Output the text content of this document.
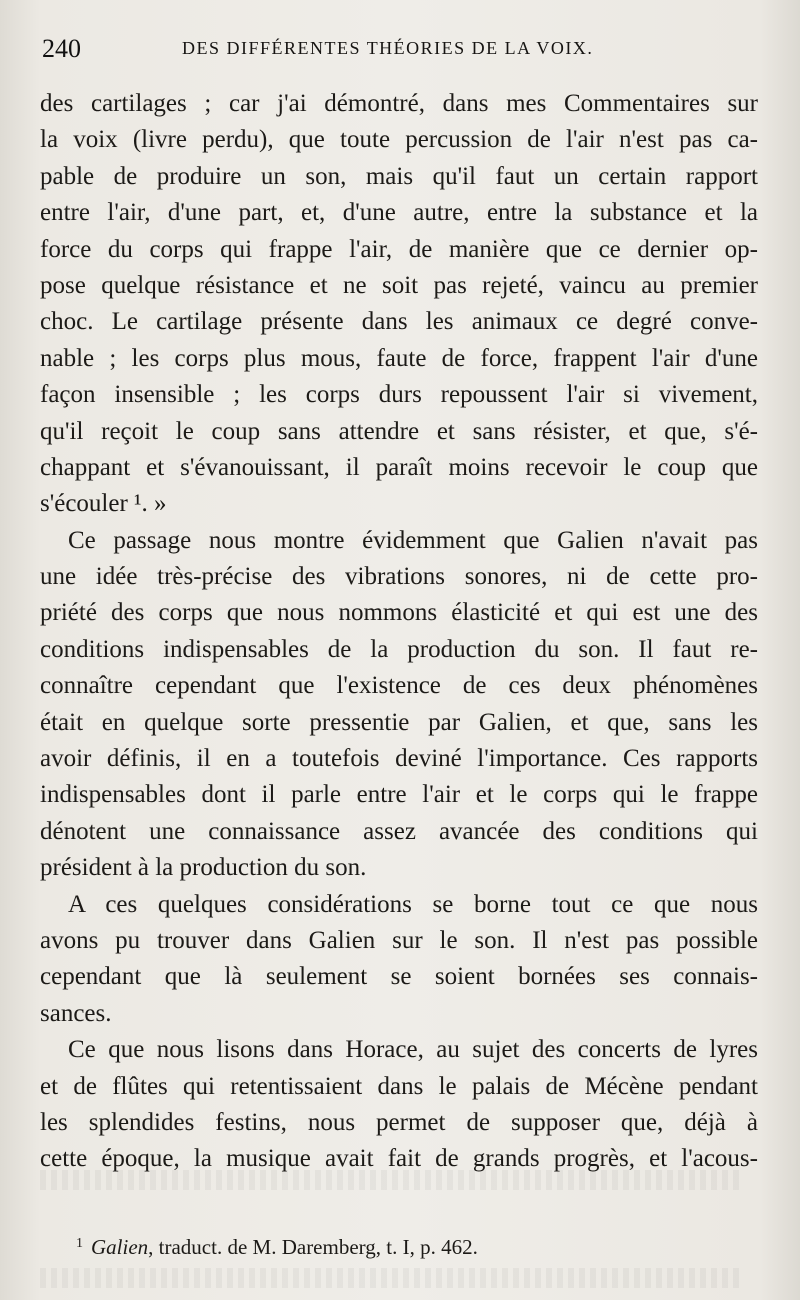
240	DES DIFFÉRENTES THÉORIES DE LA VOIX.
des cartilages ; car j'ai démontré, dans mes Commentaires sur
la voix (livre perdu), que toute percussion de l'air n'est pas ca-
pable de produire un son, mais qu'il faut un certain rapport
entre l'air, d'une part, et, d'une autre, entre la substance et la
force du corps qui frappe l'air, de manière que ce dernier op-
pose quelque résistance et ne soit pas rejeté, vaincu au premier
choc. Le cartilage présente dans les animaux ce degré conve-
nable ; les corps plus mous, faute de force, frappent l'air d'une
façon insensible ; les corps durs repoussent l'air si vivement,
qu'il reçoit le coup sans attendre et sans résister, et que, s'é-
chappant et s'évanouissant, il paraît moins recevoir le coup que
s'écouler ¹. »
Ce passage nous montre évidemment que Galien n'avait pas
une idée très-précise des vibrations sonores, ni de cette pro-
priété des corps que nous nommons élasticité et qui est une des
conditions indispensables de la production du son. Il faut re-
connaître cependant que l'existence de ces deux phénomènes
était en quelque sorte pressentie par Galien, et que, sans les
avoir définis, il en a toutefois deviné l'importance. Ces rapports
indispensables dont il parle entre l'air et le corps qui le frappe
dénotent une connaissance assez avancée des conditions qui
président à la production du son.
A ces quelques considérations se borne tout ce que nous
avons pu trouver dans Galien sur le son. Il n'est pas possible
cependant que là seulement se soient bornées ses connais-
sances.
Ce que nous lisons dans Horace, au sujet des concerts de lyres
et de flûtes qui retentissaient dans le palais de Mécène pendant
les splendides festins, nous permet de supposer que, déjà à
cette époque, la musique avait fait de grands progrès, et l'acous-
$^1$ Galien, traduct. de M. Daremberg, t. I, p. 462.
